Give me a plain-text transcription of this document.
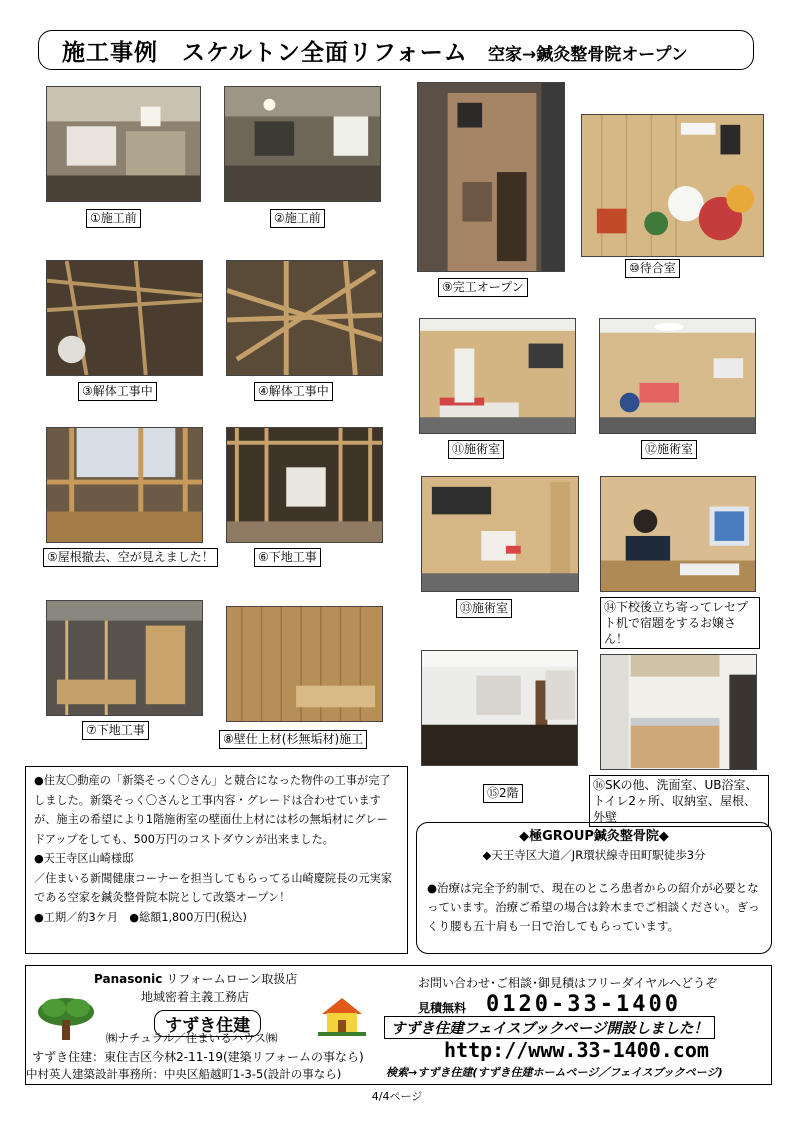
施工事例　スケルトン全面リフォーム 空家→鍼灸整骨院オープン
①施工前	②施工前
③解体工事中	④解体工事中
⑤屋根撤去、空が見えました！	⑥下地工事
⑦下地工事
⑧壁仕上材(杉無垢材)施工
⑨完工オープン
⑩待合室
⑪施術室	⑫施術室
⑬施術室	⑭下校後立ち寄ってレセプト机で宿題をするお嬢さん！
⑮2階
⑯SKの他、洗面室、UB浴室、トイレ2ヶ所、収納室、屋根、外壁

●住友〇動産の「新築そっく〇さん」と競合になった物件の工事が完了しました。新築そっく〇さんと工事内容・グレードは合わせていますが、施主の希望により1階施術室の壁面仕上材には杉の無垢材にグレードアップをしても、500万円のコストダウンが出来ました。

●天王寺区山崎様邸

／住まいる新聞健康コーナーを担当してもらってる山崎慶院長の元実家である空家を鍼灸整骨院本院として改築オープン！

●工期／約3ケ月　●総額1,800万円(税込)

◆極GROUP鍼灸整骨院◆
◆天王寺区大道／JR環状線寺田町駅徒歩3分
●治療は完全予約制で、現在のところ患者からの紹介が必要となっています。治療ご希望の場合は鈴木までご相談ください。ぎっくり腰も五十肩も一日で治してもらっています。
Panasonic リフォームローン取扱店
地域密着主義工務店
すずき住建
㈱ナチュラル／住まいるハウス㈱
すずき住建：東住吉区今林2-11-19(建築リフォームの事なら)
中村英人建築設計事務所：中央区船越町1-3-5(設計の事なら)
お問い合わせ･ご相談･御見積はフリーダイヤルへどうぞ
見積無料 0120-33-1400
すずき住建フェイスブックページ開設しました！
http://www.33-1400.com
検索→すずき住建(すずき住建ホームページ／フェイスブックページ)
4/4ページ
